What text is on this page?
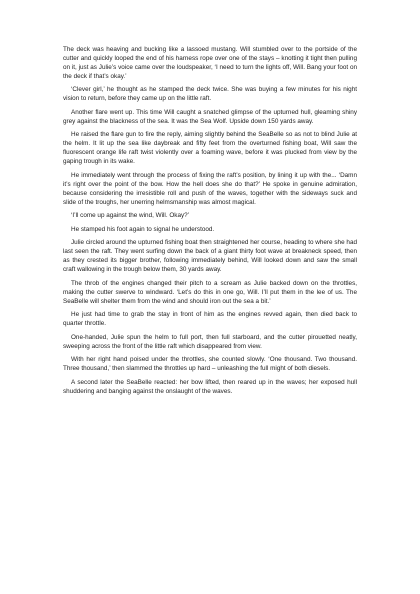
The deck was heaving and bucking like a lassoed mustang. Will stumbled over to the portside of the cutter and quickly looped the end of his harness rope over one of the stays – knotting it tight then pulling on it, just as Julie’s voice came over the loudspeaker, ‘I need to turn the lights off, Will. Bang your foot on the deck if that’s okay.’

‘Clever girl,’ he thought as he stamped the deck twice. She was buying a few minutes for his night vision to return, before they came up on the little raft.

Another flare went up. This time Will caught a snatched glimpse of the upturned hull, gleaming shiny grey against the blackness of the sea. It was the Sea Wolf. Upside down 150 yards away.

He raised the flare gun to fire the reply, aiming slightly behind the SeaBelle so as not to blind Julie at the helm. It lit up the sea like daybreak and fifty feet from the overturned fishing boat, Will saw the fluorescent orange life raft twist violently over a foaming wave, before it was plucked from view by the gaping trough in its wake.

He immediately went through the process of fixing the raft’s position, by lining it up with the... ‘Damn it’s right over the point of the bow. How the hell does she do that?’ He spoke in genuine admiration, because considering the irresistible roll and push of the waves, together with the sideways suck and slide of the troughs, her unerring helmsmanship was almost magical.

‘I’ll come up against the wind, Will. Okay?’

He stamped his foot again to signal he understood.

Julie circled around the upturned fishing boat then straightened her course, heading to where she had last seen the raft. They went surfing down the back of a giant thirty foot wave at breakneck speed, then as they crested its bigger brother, following immediately behind, Will looked down and saw the small craft wallowing in the trough below them, 30 yards away.

The throb of the engines changed their pitch to a scream as Julie backed down on the throttles, making the cutter swerve to windward. ‘Let’s do this in one go, Will. I’ll put them in the lee of us. The SeaBelle will shelter them from the wind and should iron out the sea a bit.’

He just had time to grab the stay in front of him as the engines revved again, then died back to quarter throttle.

One-handed, Julie spun the helm to full port, then full starboard, and the cutter pirouetted neatly, sweeping across the front of the little raft which disappeared from view.

With her right hand poised under the throttles, she counted slowly. ‘One thousand. Two thousand. Three thousand,’ then slammed the throttles up hard – unleashing the full might of both diesels.

A second later the SeaBelle reacted: her bow lifted, then reared up in the waves; her exposed hull shuddering and banging against the onslaught of the waves.
